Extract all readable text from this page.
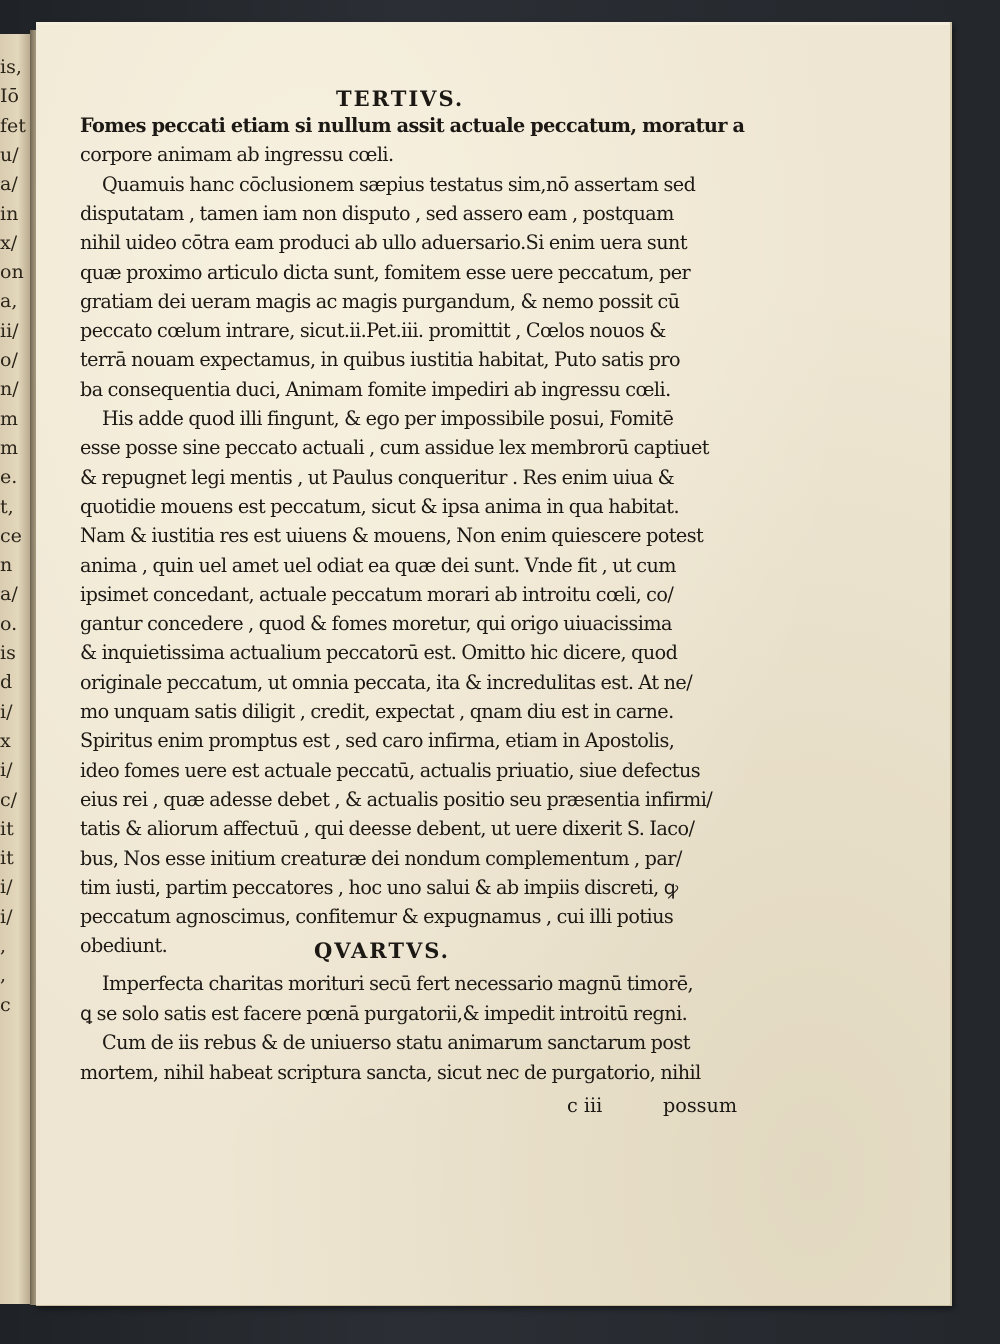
is,
Iō
fet
u/
a/
in
x/
on
a,
ii/
o/
n/
m
m
e.
t,
ce
n
a/
o.
is
d
i/
x
i/
c/
it
it
i/
i/
,
,
c
TERTIVS.
QVARTVS.
Fomes peccati etiam si nullum assit actuale peccatum, moratur a
corpore animam ab ingressu cœli.
Quamuis hanc cōclusionem sæpius testatus sim,nō assertam sed
disputatam , tamen iam non disputo , sed assero eam , postquam
nihil uideo cōtra eam produci ab ullo aduersario.Si enim uera sunt
quæ proximo articulo dicta sunt, fomitem esse uere peccatum, per
gratiam dei ueram magis ac magis purgandum, & nemo possit cū
peccato cœlum intrare, sicut.ii.Pet.iii. promittit , Cœlos nouos &
terrā nouam expectamus, in quibus iustitia habitat, Puto satis pro
ba consequentia duci, Animam fomite impediri ab ingressu cœli.
His adde quod illi fingunt, & ego per impossibile posui, Fomitē
esse posse sine peccato actuali , cum assidue lex membrorū captiuet
& repugnet legi mentis , ut Paulus conqueritur . Res enim uiua &
quotidie mouens est peccatum, sicut & ipsa anima in qua habitat.
Nam & iustitia res est uiuens & mouens, Non enim quiescere potest
anima , quin uel amet uel odiat ea quæ dei sunt. Vnde fit , ut cum
ipsimet concedant, actuale peccatum morari ab introitu cœli, co/
gantur concedere , quod & fomes moretur, qui origo uiuacissima
& inquietissima actualium peccatorū est. Omitto hic dicere, quod
originale peccatum, ut omnia peccata, ita & incredulitas est. At ne/
mo unquam satis diligit , credit, expectat , qnam diu est in carne.
Spiritus enim promptus est , sed caro infirma, etiam in Apostolis,
ideo fomes uere est actuale peccatū, actualis priuatio, siue defectus
eius rei , quæ adesse debet , & actualis positio seu præsentia infirmi/
tatis & aliorum affectuū , qui deesse debent, ut uere dixerit S. Iaco/
bus, Nos esse initium creaturæ dei nondum complementum , par/
tim iusti, partim peccatores , hoc uno salui & ab impiis discreti, ꝙ
peccatum agnoscimus, confitemur & expugnamus , cui illi potius
obediunt.
Imperfecta charitas morituri secū fert necessario magnū timorē,
ꝗ se solo satis est facere pœnā purgatorii,& impedit introitū regni.
Cum de iis rebus & de uniuerso statu animarum sanctarum post
mortem, nihil habeat scriptura sancta, sicut nec de purgatorio, nihil
c iii	possum
